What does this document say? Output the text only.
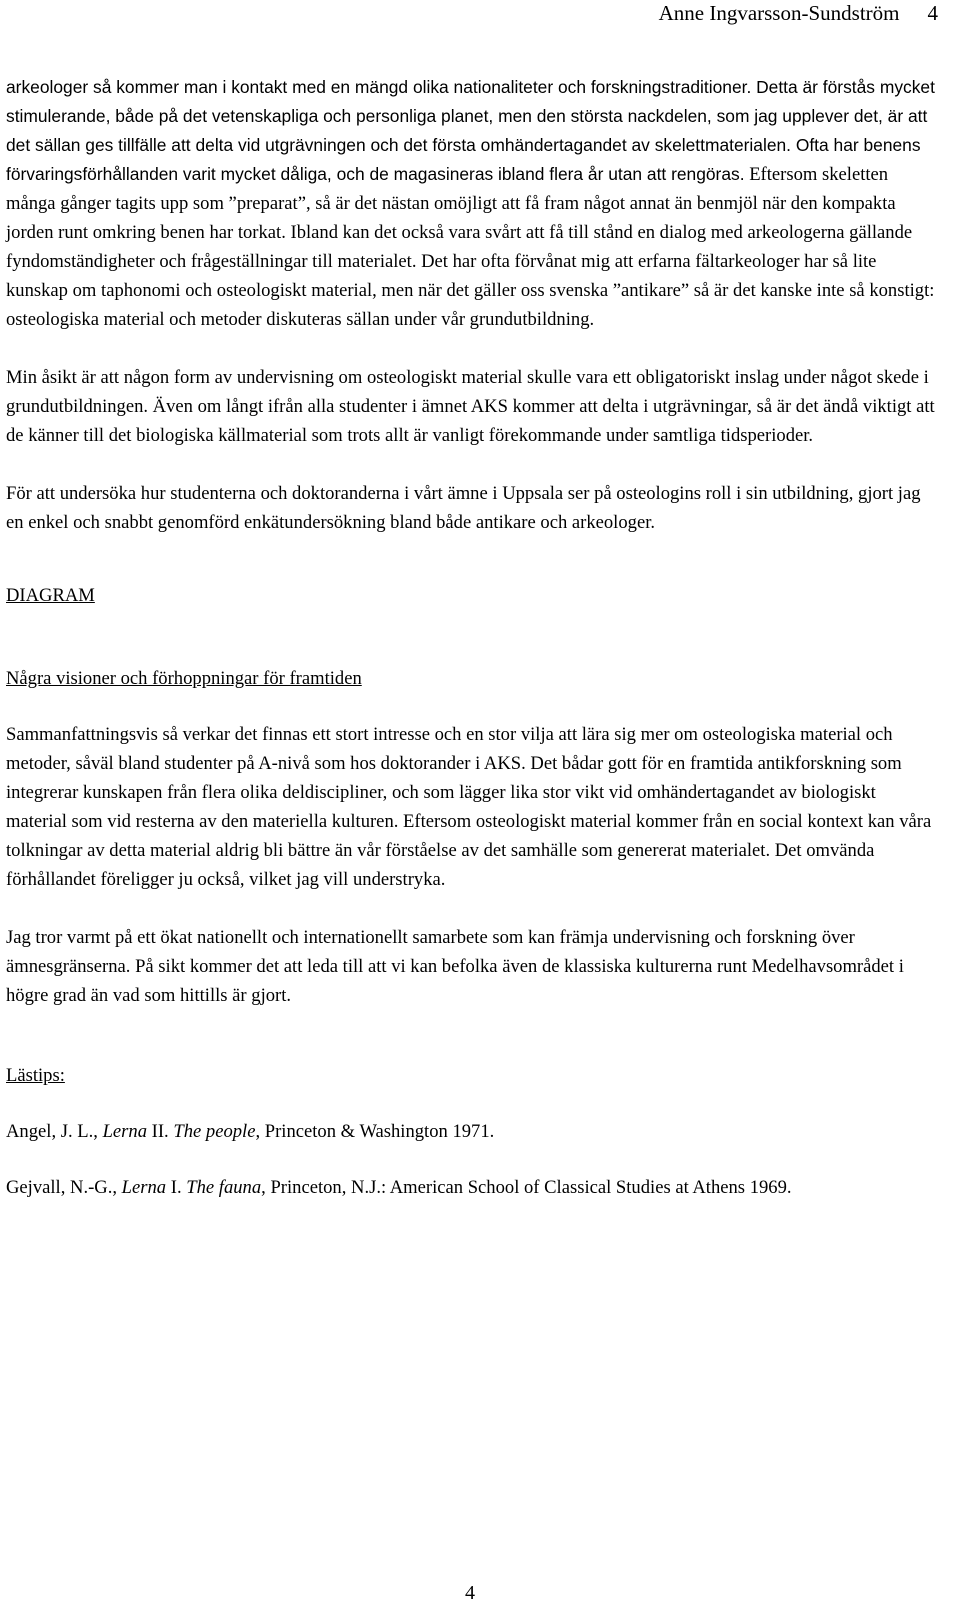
Anne Ingvarsson-Sundström 4

arkeologer så kommer man i kontakt med en mängd olika nationaliteter och forskningstraditioner. Detta är förstås mycket stimulerande, både på det vetenskapliga och personliga planet, men den största nackdelen, som jag upplever det, är att det sällan ges tillfälle att delta vid utgrävningen och det första omhändertagandet av skelettmaterialen. Ofta har benens förvaringsförhållanden varit mycket dåliga, och de magasineras ibland flera år utan att rengöras. Eftersom skeletten många gånger tagits upp som ”preparat”, så är det nästan omöjligt att få fram något annat än benmjöl när den kompakta jorden runt omkring benen har torkat. Ibland kan det också vara svårt att få till stånd en dialog med arkeologerna gällande fyndomständigheter och frågeställningar till materialet. Det har ofta förvånat mig att erfarna fältarkeologer har så lite kunskap om taphonomi och osteologiskt material, men när det gäller oss svenska ”antikare” så är det kanske inte så konstigt: osteologiska material och metoder diskuteras sällan under vår grundutbildning.

Min åsikt är att någon form av undervisning om osteologiskt material skulle vara ett obligatoriskt inslag under något skede i grundutbildningen. Även om långt ifrån alla studenter i ämnet AKS kommer att delta i utgrävningar, så är det ändå viktigt att de känner till det biologiska källmaterial som trots allt är vanligt förekommande under samtliga tidsperioder.

För att undersöka hur studenterna och doktoranderna i vårt ämne i Uppsala ser på osteologins roll i sin utbildning, gjort jag en enkel och snabbt genomförd enkätundersökning bland både antikare och arkeologer.

DIAGRAM

Några visioner och förhoppningar för framtiden

Sammanfattningsvis så verkar det finnas ett stort intresse och en stor vilja att lära sig mer om osteologiska material och metoder, såväl bland studenter på A-nivå som hos doktorander i AKS. Det bådar gott för en framtida antikforskning som integrerar kunskapen från flera olika deldiscipliner, och som lägger lika stor vikt vid omhändertagandet av biologiskt material som vid resterna av den materiella kulturen. Eftersom osteologiskt material kommer från en social kontext kan våra tolkningar av detta material aldrig bli bättre än vår förståelse av det samhälle som genererat materialet. Det omvända förhållandet föreligger ju också, vilket jag vill understryka.

Jag tror varmt på ett ökat nationellt och internationellt samarbete som kan främja undervisning och forskning över ämnesgränserna. På sikt kommer det att leda till att vi kan befolka även de klassiska kulturerna runt Medelhavsområdet i högre grad än vad som hittills är gjort.

Lästips:

Angel, J. L., Lerna II. The people, Princeton & Washington 1971.

Gejvall, N.-G., Lerna I. The fauna, Princeton, N.J.: American School of Classical Studies at Athens 1969.

4
